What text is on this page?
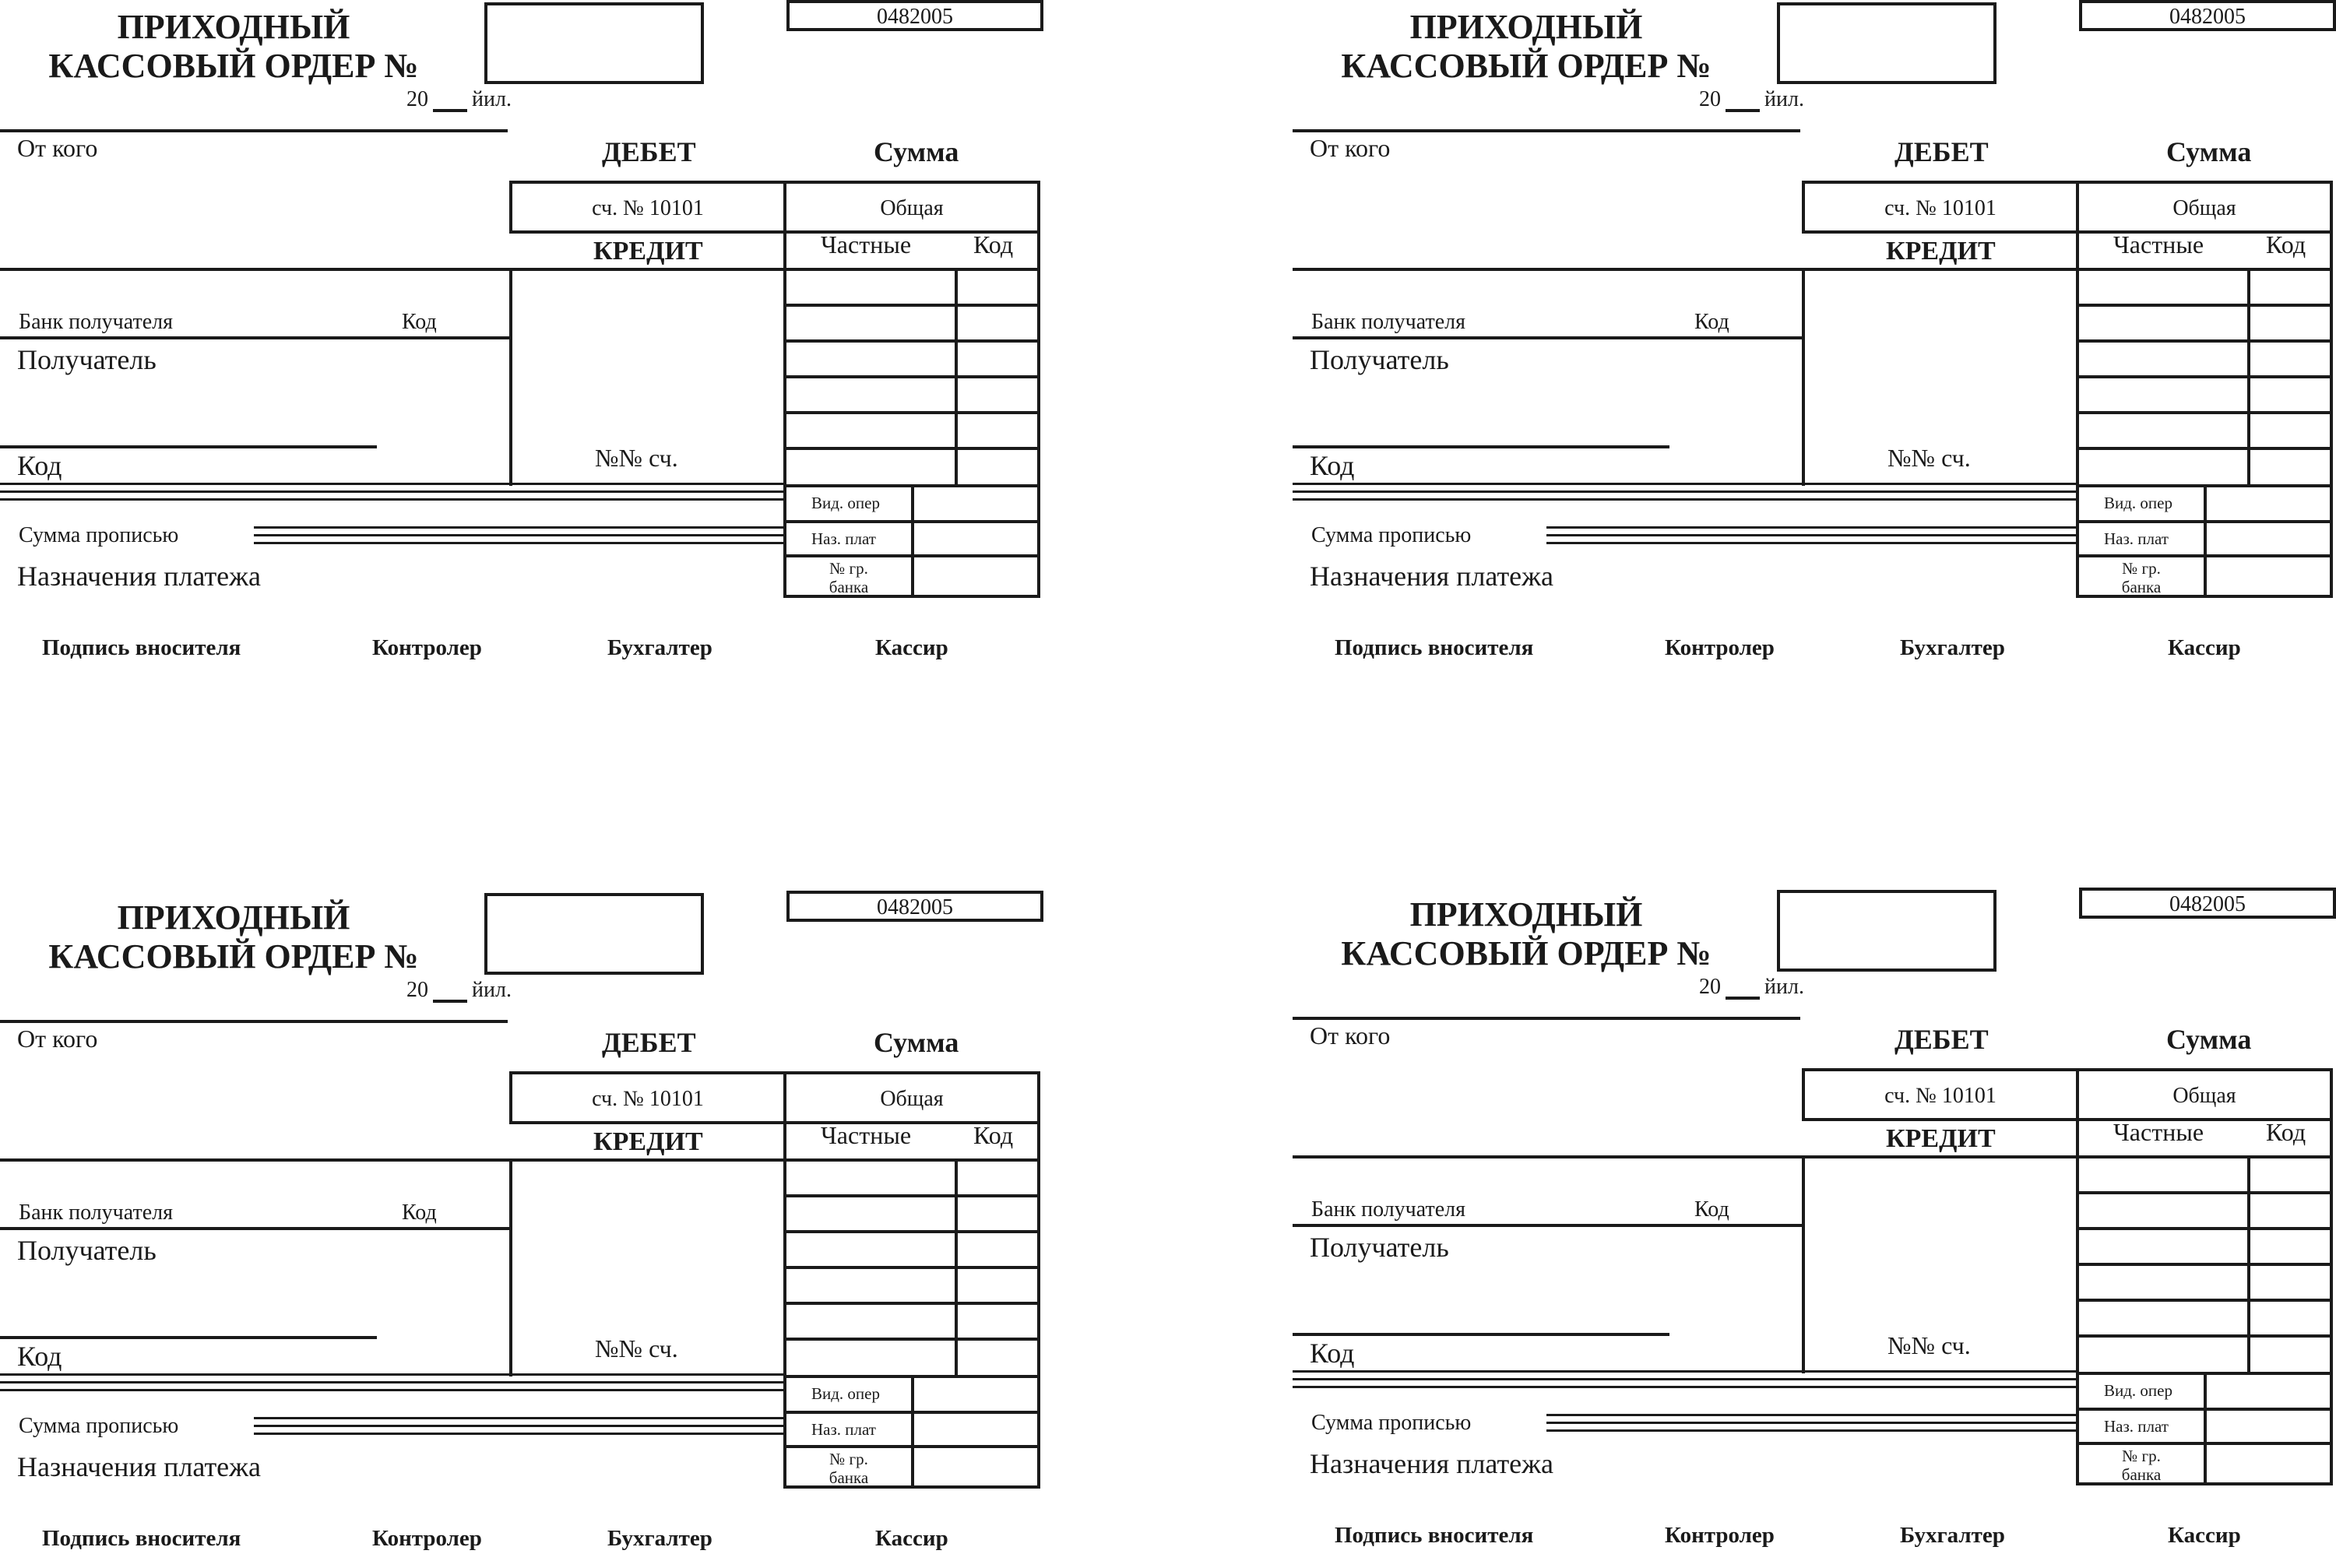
ПРИХОДНЫЙ
КАССОВЫЙ ОРДЕР №
0482005
20 йил.
От кого	ДЕБЕТ	Сумма
сч. № 10101	Общая
КРЕДИТ	Частные Код
Вид. опер
Наз. плат
№ гр.
банка
№№ сч.
Банк получателя	Код
Получатель
Код
Сумма прописью
Назначения платежа
Подпись вносителя	Контролер	Бухгалтер	Кассир
ПРИХОДНЫЙ
КАССОВЫЙ ОРДЕР №
0482005
20 йил.
От кого	ДЕБЕТ	Сумма
сч. № 10101	Общая
КРЕДИТ	Частные Код
Вид. опер
Наз. плат
№ гр.
банка
№№ сч.
Банк получателя	Код
Получатель
Код
Сумма прописью
Назначения платежа
Подпись вносителя	Контролер	Бухгалтер	Кассир
ПРИХОДНЫЙ
КАССОВЫЙ ОРДЕР №
0482005
20 йил.
От кого	ДЕБЕТ	Сумма
сч. № 10101	Общая
КРЕДИТ	Частные Код
Вид. опер
Наз. плат
№ гр.
банка
№№ сч.
Банк получателя	Код
Получатель
Код
Сумма прописью
Назначения платежа
Подпись вносителя	Контролер	Бухгалтер	Кассир
ПРИХОДНЫЙ
КАССОВЫЙ ОРДЕР №
0482005
20 йил.
От кого	ДЕБЕТ	Сумма
сч. № 10101	Общая
КРЕДИТ	Частные Код
Вид. опер
Наз. плат
№ гр.
банка
№№ сч.
Банк получателя	Код
Получатель
Код
Сумма прописью
Назначения платежа
Подпись вносителя	Контролер	Бухгалтер	Кассир
